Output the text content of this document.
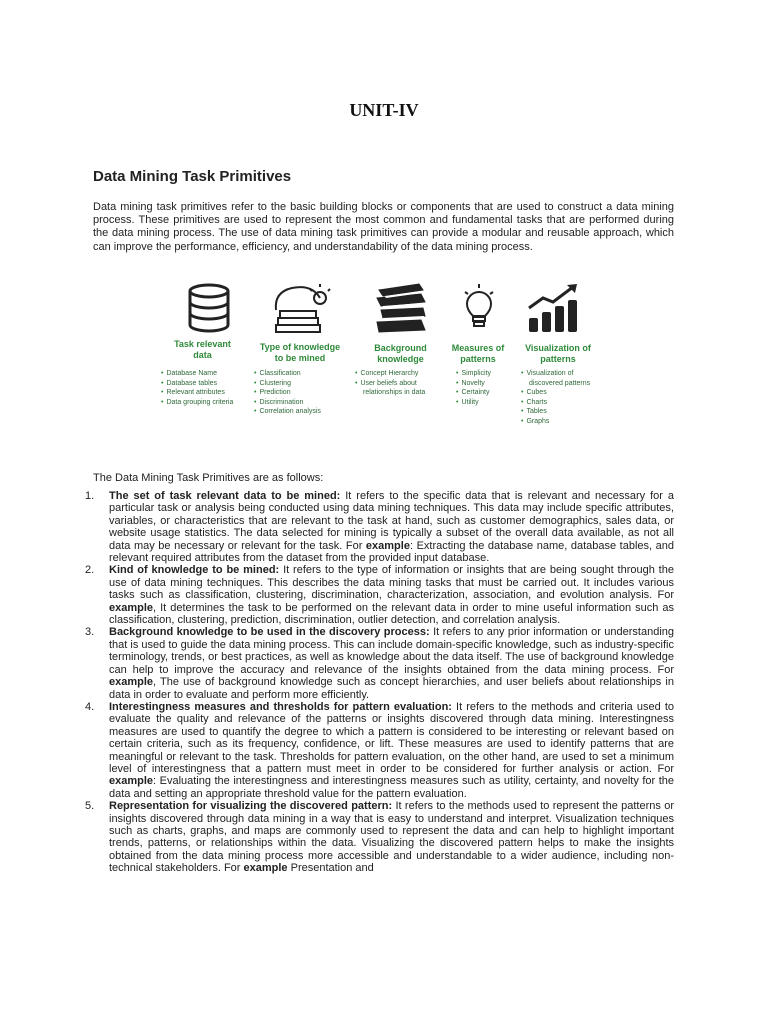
UNIT-IV
Data Mining Task Primitives

Data mining task primitives refer to the basic building blocks or components that are used to construct a data mining process. These primitives are used to represent the most common and fundamental tasks that are performed during the data mining process. The use of data mining task primitives can provide a modular and reusable approach, which can improve the performance, efficiency, and understandability of the data mining process.

Task relevant
data
• Database Name
• Database tables
• Relevant attributes
• Data grouping criteria
Type of knowledge
to be mined
• Classification
• Clustering
• Prediction
• Discrimination
• Correlation analysis
Background
knowledge
• Concept Hierarchy
• User beliefs about
relationships in data
Measures of
patterns
• Simplicity
• Novelty
• Certainty
• Utility
Visualization of
patterns
• Visualization of
discovered patterns
• Cubes
• Charts
• Tables
• Graphs

The Data Mining Task Primitives are as follows:

1. The set of task relevant data to be mined: It refers to the specific data that is relevant and necessary for a particular task or analysis being conducted using data mining techniques. This data may include specific attributes, variables, or characteristics that are relevant to the task at hand, such as customer demographics, sales data, or website usage statistics. The data selected for mining is typically a subset of the overall data available, as not all data may be necessary or relevant for the task. For example: Extracting the database name, database tables, and relevant required attributes from the dataset from the provided input database.
2. Kind of knowledge to be mined: It refers to the type of information or insights that are being sought through the use of data mining techniques. This describes the data mining tasks that must be carried out. It includes various tasks such as classification, clustering, discrimination, characterization, association, and evolution analysis. For example, It determines the task to be performed on the relevant data in order to mine useful information such as classification, clustering, prediction, discrimination, outlier detection, and correlation analysis.
3. Background knowledge to be used in the discovery process: It refers to any prior information or understanding that is used to guide the data mining process. This can include domain-specific knowledge, such as industry-specific terminology, trends, or best practices, as well as knowledge about the data itself. The use of background knowledge can help to improve the accuracy and relevance of the insights obtained from the data mining process. For example, The use of background knowledge such as concept hierarchies, and user beliefs about relationships in data in order to evaluate and perform more efficiently.
4. Interestingness measures and thresholds for pattern evaluation: It refers to the methods and criteria used to evaluate the quality and relevance of the patterns or insights discovered through data mining. Interestingness measures are used to quantify the degree to which a pattern is considered to be interesting or relevant based on certain criteria, such as its frequency, confidence, or lift. These measures are used to identify patterns that are meaningful or relevant to the task. Thresholds for pattern evaluation, on the other hand, are used to set a minimum level of interestingness that a pattern must meet in order to be considered for further analysis or action. For example: Evaluating the interestingness and interestingness measures such as utility, certainty, and novelty for the data and setting an appropriate threshold value for the pattern evaluation.
5. Representation for visualizing the discovered pattern: It refers to the methods used to represent the patterns or insights discovered through data mining in a way that is easy to understand and interpret. Visualization techniques such as charts, graphs, and maps are commonly used to represent the data and can help to highlight important trends, patterns, or relationships within the data. Visualizing the discovered pattern helps to make the insights obtained from the data mining process more accessible and understandable to a wider audience, including non-technical stakeholders. For example Presentation and
